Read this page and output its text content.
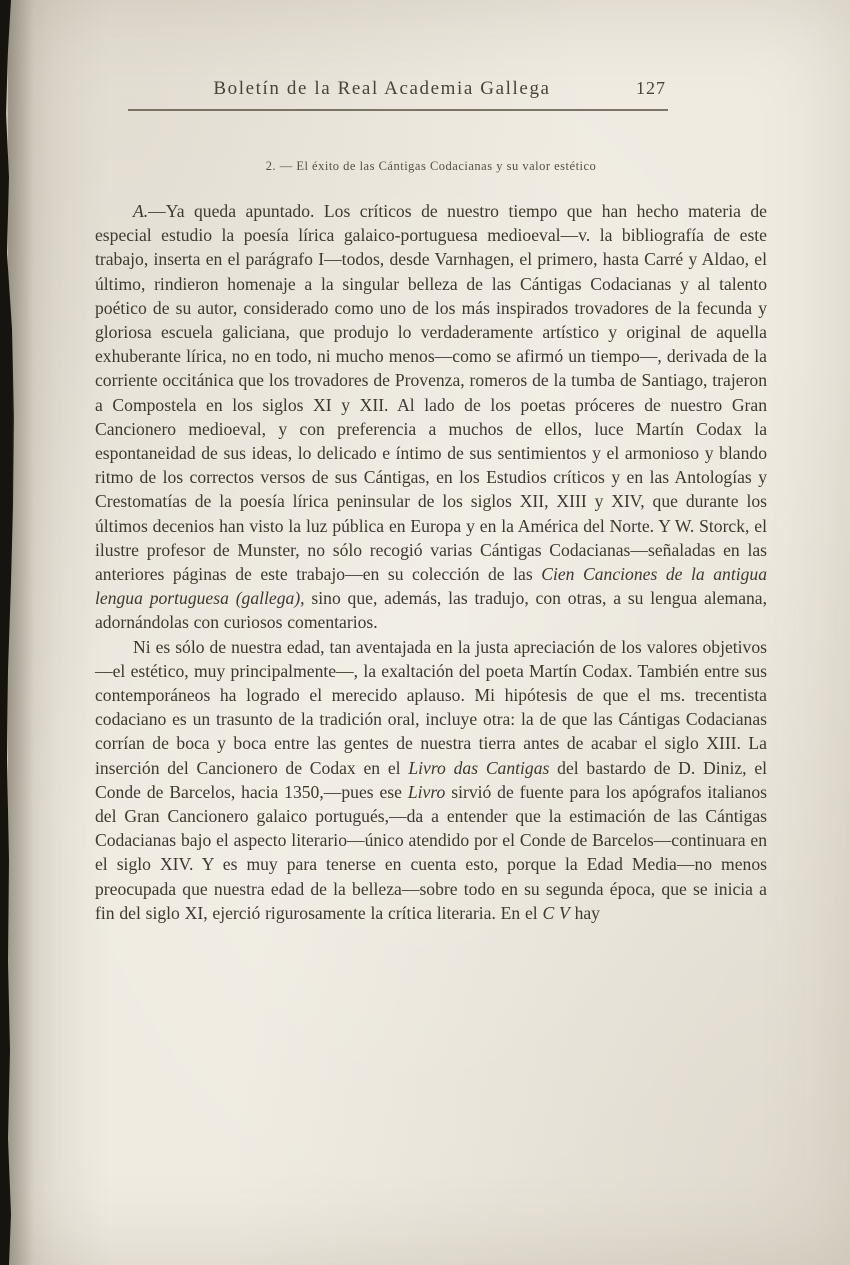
Boletín de la Real Academia Gallega	127
2. — El éxito de las Cántigas Codacianas y su valor estético

A.—Ya queda apuntado. Los críticos de nuestro tiempo que han hecho materia de especial estudio la poesía lírica galaico-portuguesa medioeval—v. la bibliografía de este trabajo, inserta en el parágrafo I—todos, desde Varnhagen, el primero, hasta Carré y Aldao, el último, rindieron homenaje a la singular belleza de las Cántigas Codacianas y al talento poético de su autor, considerado como uno de los más inspirados trovadores de la fecunda y gloriosa escuela galiciana, que produjo lo verdaderamente artístico y original de aquella exhuberante lírica, no en todo, ni mucho menos—como se afirmó un tiempo—, derivada de la corriente occitánica que los trovadores de Provenza, romeros de la tumba de Santiago, trajeron a Compostela en los siglos XI y XII. Al lado de los poetas próceres de nuestro Gran Cancionero medioeval, y con preferencia a muchos de ellos, luce Martín Codax la espontaneidad de sus ideas, lo delicado e íntimo de sus sentimientos y el armonioso y blando ritmo de los correctos versos de sus Cántigas, en los Estudios críticos y en las Antologías y Crestomatías de la poesía lírica peninsular de los siglos XII, XIII y XIV, que durante los últimos decenios han visto la luz pública en Europa y en la América del Norte. Y W. Storck, el ilustre profesor de Munster, no sólo recogió varias Cántigas Codacianas—señaladas en las anteriores páginas de este trabajo—en su colección de las Cien Canciones de la antigua lengua portuguesa (gallega), sino que, además, las tradujo, con otras, a su lengua alemana, adornándolas con curiosos comentarios.

Ni es sólo de nuestra edad, tan aventajada en la justa apreciación de los valores objetivos—el estético, muy principalmente—, la exaltación del poeta Martín Codax. También entre sus contemporáneos ha logrado el merecido aplauso. Mi hipótesis de que el ms. trecentista codaciano es un trasunto de la tradición oral, incluye otra: la de que las Cántigas Codacianas corrían de boca y boca entre las gentes de nuestra tierra antes de acabar el siglo XIII. La inserción del Cancionero de Codax en el Livro das Cantigas del bastardo de D. Diniz, el Conde de Barcelos, hacia 1350,—pues ese Livro sirvió de fuente para los apógrafos italianos del Gran Cancionero galaico portugués,—da a entender que la estimación de las Cántigas Codacianas bajo el aspecto literario—único atendido por el Conde de Barcelos—continuara en el siglo XIV. Y es muy para tenerse en cuenta esto, porque la Edad Media—no menos preocupada que nuestra edad de la belleza—sobre todo en su segunda época, que se inicia a fin del siglo XI, ejerció rigurosamente la crítica literaria. En el C V hay
